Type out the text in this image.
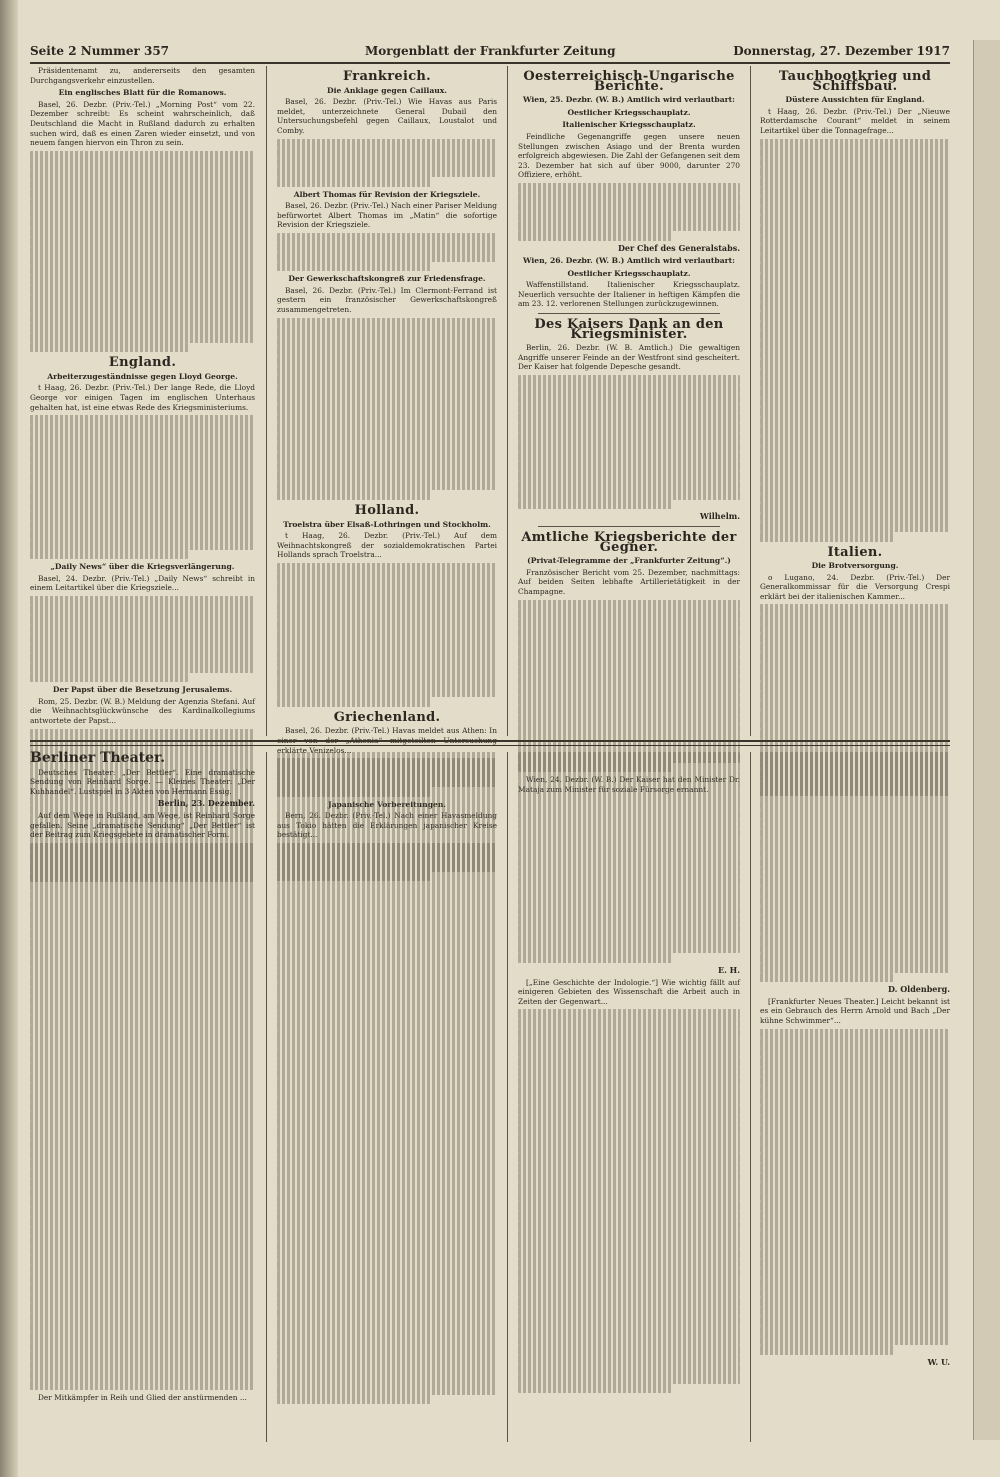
Seite 2 Nummer 357	Morgenblatt der Frankfurter Zeitung	Donnerstag, 27. Dezember 1917

Präsidentenamt zu, andererseits den gesamten Durchgangsverkehr einzustellen.

Ein englisches Blatt für die Romanows.

Basel, 26. Dezbr. (Priv.-Tel.) „Morning Post“ vom 22. Dezember schreibt: Es scheint wahrscheinlich, daß Deutschland die Macht in Rußland dadurch zu erhalten suchen wird, daß es einen Zaren wieder einsetzt, und von neuem fangen hiervon ein Thron zu sein.

England.
Arbeiterzugeständnisse gegen Lloyd George.

t Haag, 26. Dezbr. (Priv.-Tel.) Der lange Rede, die Lloyd George vor einigen Tagen im englischen Unterhaus gehalten hat, ist eine etwas Rede des Kriegsministeriums.

„Daily News“ über die Kriegsverlängerung.

Basel, 24. Dezbr. (Priv.-Tel.) „Daily News“ schreibt in einem Leitartikel über die Kriegsziele...

Der Papst über die Besetzung Jerusalems.

Rom, 25. Dezbr. (W. B.) Meldung der Agenzia Stefani. Auf die Weihnachtsglückwünsche des Kardinalkollegiums antwortete der Papst...

Frankreich.
Die Anklage gegen Caillaux.

Basel, 26. Dezbr. (Priv.-Tel.) Wie Havas aus Paris meldet, unterzeichnete General Dubail den Untersuchungsbefehl gegen Caillaux, Loustalot und Comby.

Albert Thomas für Revision der Kriegsziele.

Basel, 26. Dezbr. (Priv.-Tel.) Nach einer Pariser Meldung befürwortet Albert Thomas im „Matin“ die sofortige Revision der Kriegsziele.

Der Gewerkschaftskongreß zur Friedensfrage.

Basel, 26. Dezbr. (Priv.-Tel.) Im Clermont-Ferrand ist gestern ein französischer Gewerkschaftskongreß zusammengetreten.

Holland.
Troelstra über Elsaß-Lothringen und Stockholm.

t Haag, 26. Dezbr. (Priv.-Tel.) Auf dem Weihnachtskongreß der sozialdemokratischen Partei Hollands sprach Troelstra...

Griechenland.

Basel, 26. Dezbr. (Priv.-Tel.) Havas meldet aus Athen: In einer von der „Athenia“ mitgeteilten Untersuchung erklärte Venizelos...

Japanische Vorbereitungen.

Bern, 26. Dezbr. (Priv.-Tel.) Nach einer Havasmeldung aus Tokio hätten die Erklärungen japanischer Kreise bestätigt...

Oesterreichisch-Ungarische Berichte.
Wien, 25. Dezbr. (W. B.) Amtlich wird verlautbart:
Oestlicher Kriegsschauplatz.
Italienischer Kriegsschauplatz.

Feindliche Gegenangriffe gegen unsere neuen Stellungen zwischen Asiago und der Brenta wurden erfolgreich abgewiesen. Die Zahl der Gefangenen seit dem 23. Dezember hat sich auf über 9000, darunter 270 Offiziere, erhöht.

Der Chef des Generalstabs.
Wien, 26. Dezbr. (W. B.) Amtlich wird verlautbart:
Oestlicher Kriegsschauplatz.

Waffenstillstand. Italienischer Kriegsschauplatz. Neuerlich versuchte der Italiener in heftigen Kämpfen die am 23. 12. verlorenen Stellungen zurückzugewinnen.

Des Kaisers Dank an den Kriegsminister.

Berlin, 26. Dezbr. (W. B. Amtlich.) Die gewaltigen Angriffe unserer Feinde an der Westfront sind gescheitert. Der Kaiser hat folgende Depesche gesandt.

Wilhelm.
Amtliche Kriegsberichte der Gegner.
(Privat-Telegramme der „Frankfurter Zeitung“.)

Französischer Bericht vom 25. Dezember, nachmittags: Auf beiden Seiten lebhafte Artillerietätigkeit in der Champagne.

Wien, 24. Dezbr. (W. B.) Der Kaiser hat den Minister Dr. Mataja zum Minister für soziale Fürsorge ernannt.

Tauchbootkrieg und Schiffsbau.
Düstere Aussichten für England.

t Haag, 26. Dezbr. (Priv.-Tel.) Der „Nieuwe Rotterdamsche Courant“ meldet in seinem Leitartikel über die Tonnagefrage...

Italien.
Die Brotversorgung.

o Lugano, 24. Dezbr. (Priv.-Tel.) Der Generalkommissar für die Versorgung Crespi erklärt bei der italienischen Kammer...

Berliner Theater.

Deutsches Theater: „Der Bettler“. Eine dramatische Sendung von Reinhard Sorge. — Kleines Theater: „Der Kuhhandel“. Lustspiel in 3 Akten von Hermann Essig.

Berlin, 23. Dezember.

Auf dem Wege in Rußland, am Wege, ist Reinhard Sorge gefallen. Seine „dramatische Sendung“ „Der Bettler“ ist der Beitrag zum Kriegsgebete in dramatischer Form.

Der Mitkämpfer in Reih und Glied der anstürmenden ...

E. H.

[„Eine Geschichte der Indologie.“] Wie wichtig fällt auf einigeren Gebieten des Wissenschaft die Arbeit auch in Zeiten der Gegenwart...

D. Oldenberg.

[Frankfurter Neues Theater.] Leicht bekannt ist es ein Gebrauch des Herrn Arnold und Bach „Der kühne Schwimmer“...

W. U.
